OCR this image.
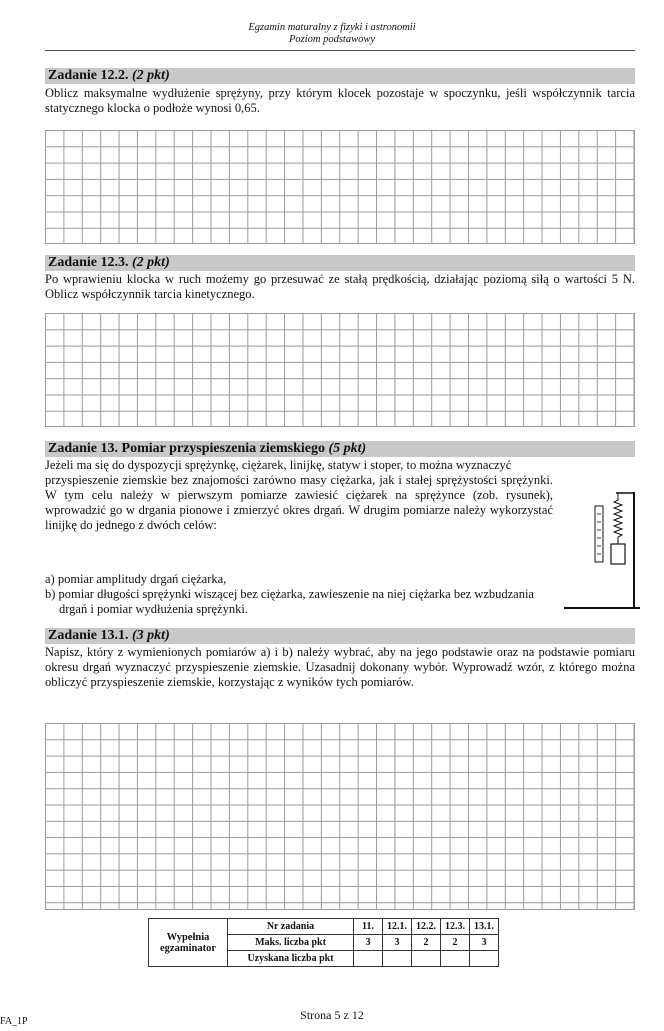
Egzamin maturalny z fizyki i astronomii
Poziom podstawowy
Zadanie 12.2. (2 pkt)
Oblicz maksymalne wydłużenie sprężyny, przy którym klocek pozostaje w spoczynku, jeśli współczynnik tarcia statycznego klocka o podłoże wynosi 0,65.
Zadanie 12.3. (2 pkt)
Po wprawieniu klocka w ruch możemy go przesuwać ze stałą prędkością, działając poziomą siłą o wartości 5 N. Oblicz współczynnik tarcia kinetycznego.
Zadanie 13. Pomiar przyspieszenia ziemskiego (5 pkt)
Jeżeli ma się do dyspozycji sprężynkę, ciężarek, linijkę, statyw i stoper, to można wyznaczyć
przyspieszenie ziemskie bez znajomości zarówno masy ciężarka, jak i stałej sprężystości sprężynki. W tym celu należy w pierwszym pomiarze zawiesić ciężarek na sprężynce (zob. rysunek), wprowadzić go w drgania pionowe i zmierzyć okres drgań. W drugim pomiarze należy wykorzystać linijkę do jednego z dwóch celów:
a) pomiar amplitudy drgań ciężarka,
b) pomiar długości sprężynki wiszącej bez ciężarka, zawieszenie na niej ciężarka bez wzbudzania drgań i pomiar wydłużenia sprężynki.
Zadanie 13.1. (3 pkt)
Napisz, który z wymienionych pomiarów a) i b) należy wybrać, aby na jego podstawie oraz na podstawie pomiaru okresu drgań wyznaczyć przyspieszenie ziemskie. Uzasadnij dokonany wybór. Wyprowadź wzór, z którego można obliczyć przyspieszenie ziemskie, korzystając z wyników tych pomiarów.
Wypełnia egzaminator	Nr zadania	11.	12.1.	12.2.	12.3.	13.1.
	Maks. liczba pkt	3	3	2	2	3
	Uzyskana liczba pkt					
Strona 5 z 12
FA_1P
